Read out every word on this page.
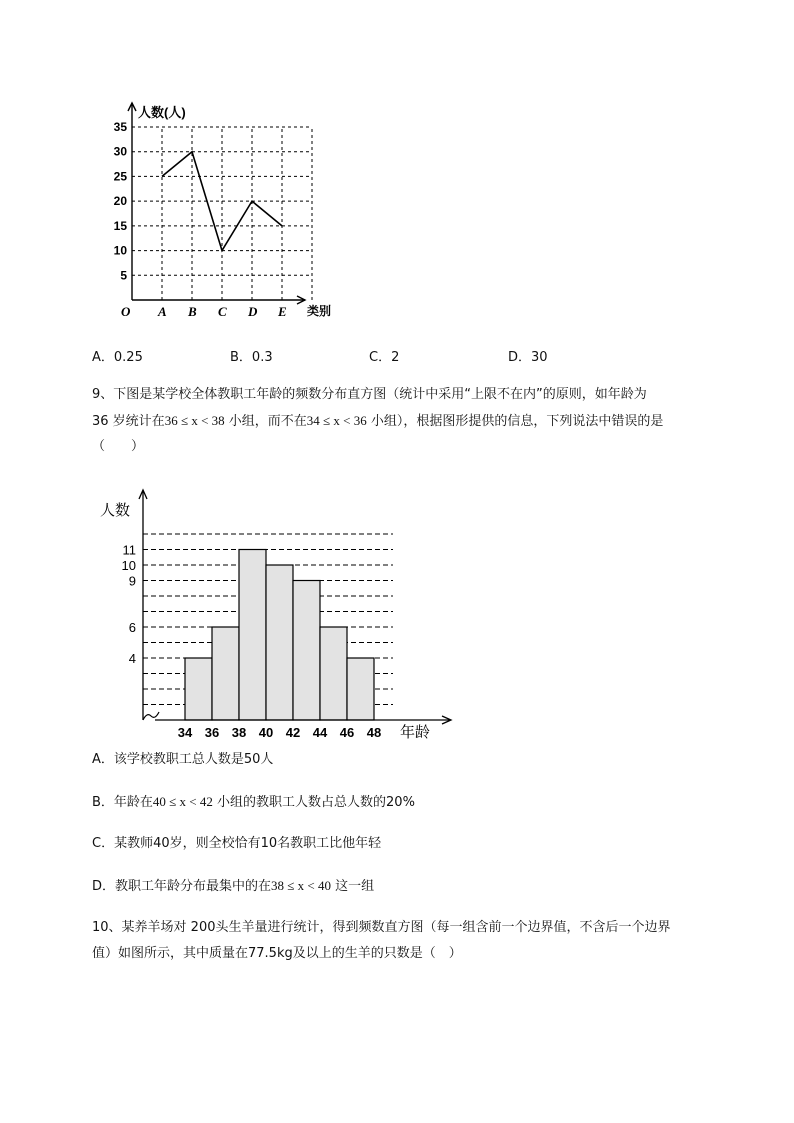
5
10
15
20
25
30
35
A B C D E
人数(人)
类别
O
A．0.25	B．0.3	C．2	D．30
9、下图是某学校全体教职工年龄的频数分布直方图（统计中采用“上限不在内”的原则，如年龄为
36 岁统计在36 ≤ x < 38 小组，而不在34 ≤ x < 36 小组），根据图形提供的信息，下列说法中错误的是
（　　）
4
6
9
10
11
34 36 38 40 42 44 46 48
人数
年龄
A．该学校教职工总人数是50人
B．年龄在40 ≤ x < 42 小组的教职工人数占总人数的20%
C．某教师40岁，则全校恰有10名教职工比他年轻
D．教职工年龄分布最集中的在38 ≤ x < 40 这一组
10、某养羊场对 200头生羊量进行统计，得到频数直方图（每一组含前一个边界值，不含后一个边界
值）如图所示，其中质量在77.5kg及以上的生羊的只数是（　）
